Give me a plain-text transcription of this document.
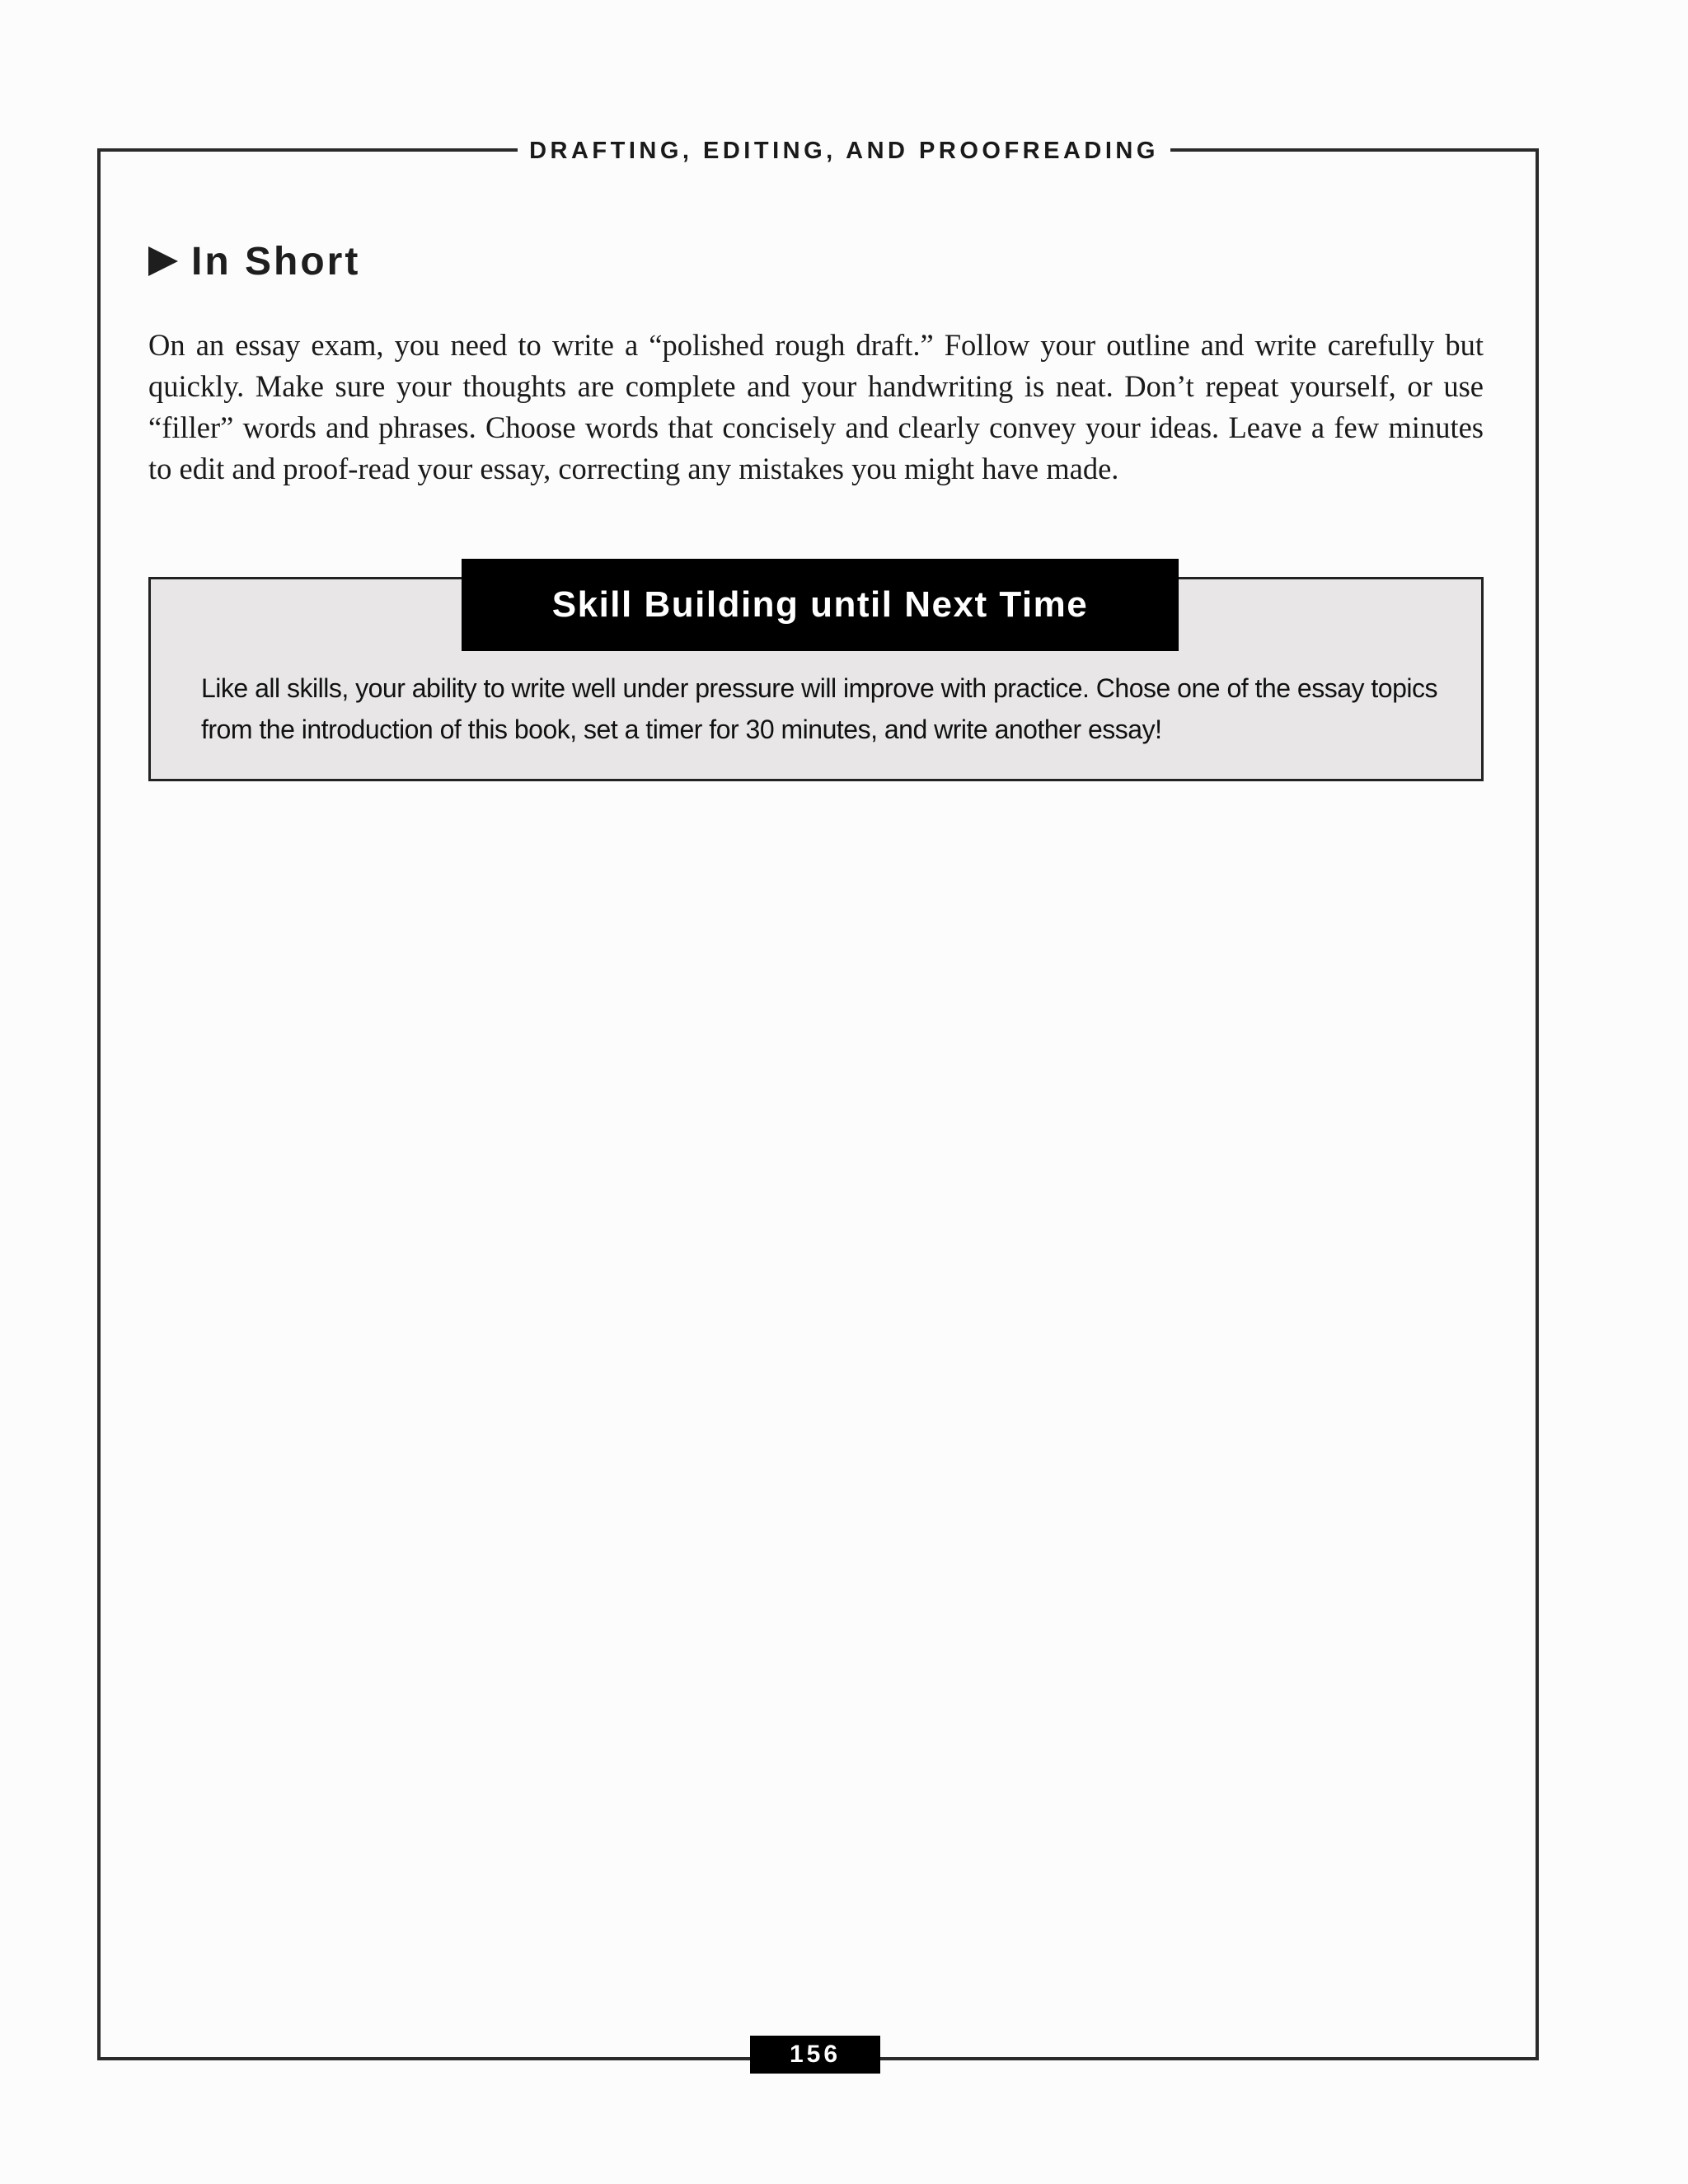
DRAFTING, EDITING, AND PROOFREADING
In Short

On an essay exam, you need to write a “polished rough draft.” Follow your outline and write carefully but quickly. Make sure your thoughts are complete and your handwriting is neat. Don’t repeat yourself, or use “filler” words and phrases. Choose words that concisely and clearly convey your ideas. Leave a few minutes to edit and proof-read your essay, correcting any mistakes you might have made.

Skill Building until Next Time

Like all skills, your ability to write well under pressure will improve with practice. Chose one of the essay topics from the introduction of this book, set a timer for 30 minutes, and write another essay!

156
